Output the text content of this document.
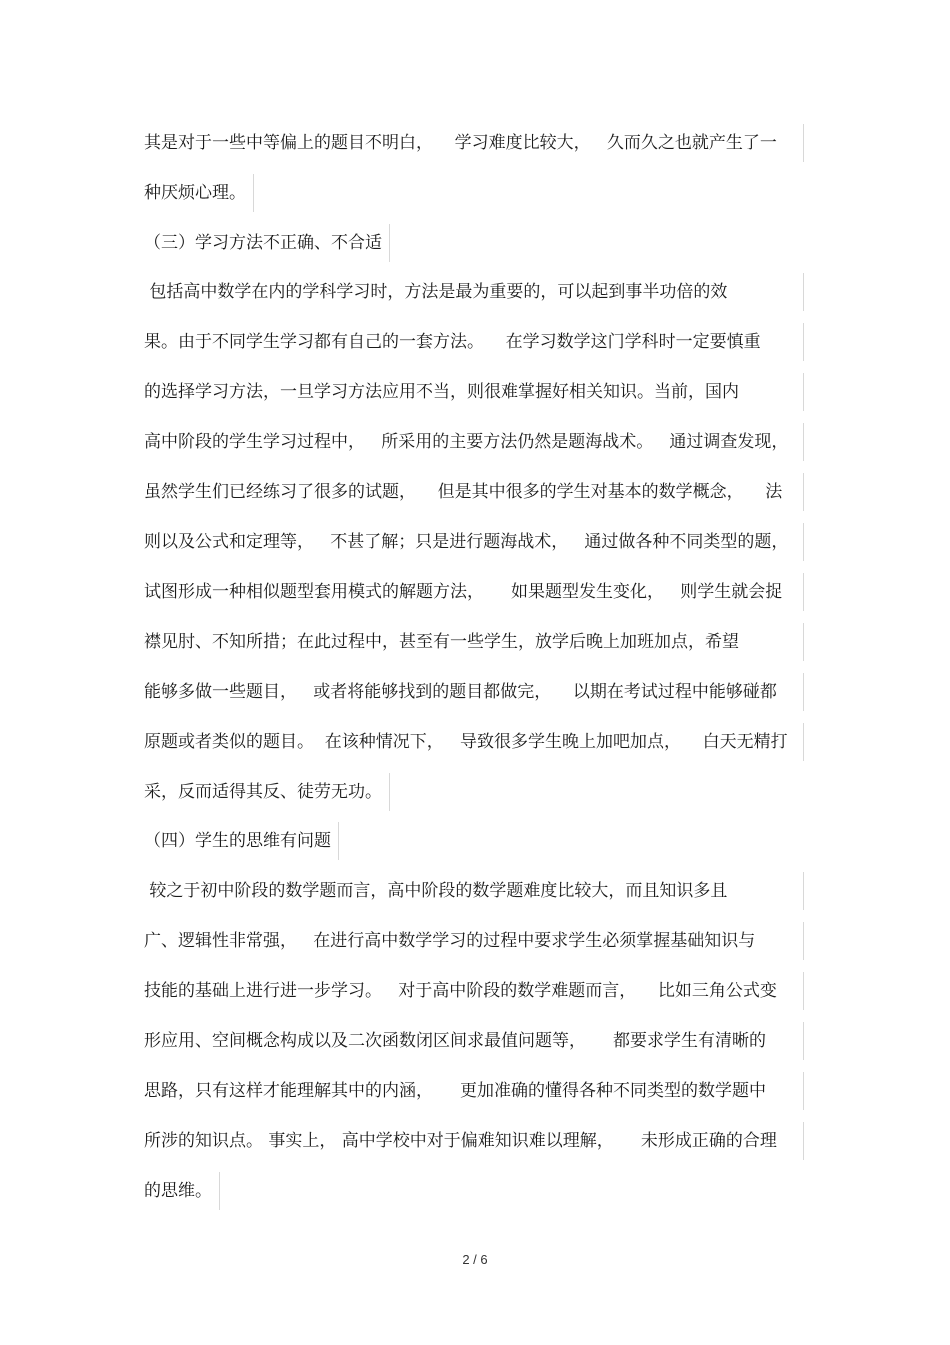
其是对于一些中等偏上的题目不明白，    学习难度比较大，   久而久之也就产生了一
种厌烦心理。
（三）学习方法不正确、不合适
包括高中数学在内的学科学习时，方法是最为重要的，可以起到事半功倍的效
果。由于不同学生学习都有自己的一套方法。    在学习数学这门学科时一定要慎重
的选择学习方法，一旦学习方法应用不当，则很难掌握好相关知识。当前，国内
高中阶段的学生学习过程中，   所采用的主要方法仍然是题海战术。   通过调查发现，
虽然学生们已经练习了很多的试题，    但是其中很多的学生对基本的数学概念，    法
则以及公式和定理等，   不甚了解；只是进行题海战术，   通过做各种不同类型的题，
试图形成一种相似题型套用模式的解题方法，     如果题型发生变化，   则学生就会捉
襟见肘、不知所措；在此过程中，甚至有一些学生，放学后晚上加班加点，希望
能够多做一些题目，   或者将能够找到的题目都做完，    以期在考试过程中能够碰都
原题或者类似的题目。  在该种情况下，   导致很多学生晚上加吧加点，    白天无精打
采，反而适得其反、徒劳无功。
（四）学生的思维有问题
较之于初中阶段的数学题而言，高中阶段的数学题难度比较大，而且知识多且
广、逻辑性非常强，   在进行高中数学学习的过程中要求学生必须掌握基础知识与
技能的基础上进行进一步学习。   对于高中阶段的数学难题而言，    比如三角公式变
形应用、空间概念构成以及二次函数闭区间求最值问题等，     都要求学生有清晰的
思路，只有这样才能理解其中的内涵，     更加准确的懂得各种不同类型的数学题中
所涉的知识点。 事实上， 高中学校中对于偏难知识难以理解，     未形成正确的合理
的思维。
2 / 6
